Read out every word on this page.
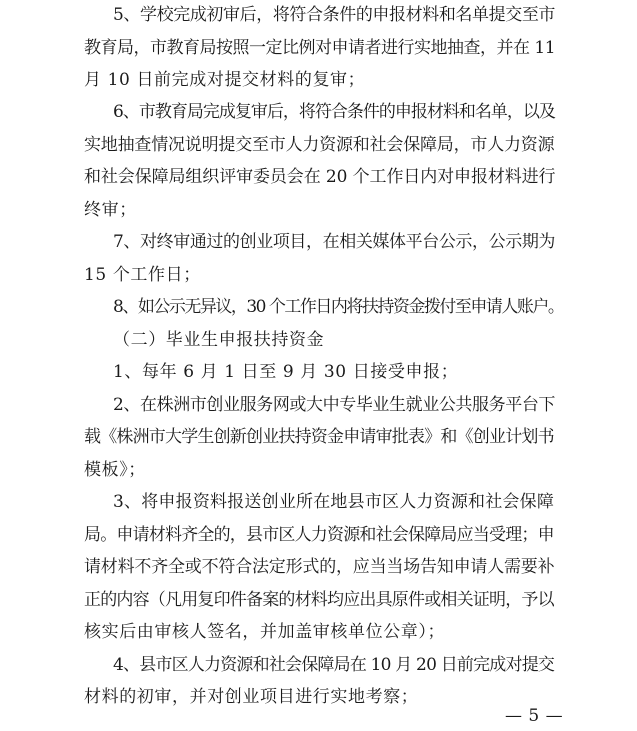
5、学校完成初审后，将符合条件的申报材料和名单提交至市
教育局，市教育局按照一定比例对申请者进行实地抽查，并在 11
月 10 日前完成对提交材料的复审；
6、市教育局完成复审后，将符合条件的申报材料和名单，以及
实地抽查情况说明提交至市人力资源和社会保障局，市人力资源
和社会保障局组织评审委员会在 20 个工作日内对申报材料进行
终审；
7、对终审通过的创业项目，在相关媒体平台公示，公示期为
15 个工作日；
8、如公示无异议，30 个工作日内将扶持资金拨付至申请人账户。
（二）毕业生申报扶持资金
1、每年 6 月 1 日至 9 月 30 日接受申报；
2、在株洲市创业服务网或大中专毕业生就业公共服务平台下
载《株洲市大学生创新创业扶持资金申请审批表》和《创业计划书
模板》；
3、将申报资料报送创业所在地县市区人力资源和社会保障
局。申请材料齐全的，县市区人力资源和社会保障局应当受理；申
请材料不齐全或不符合法定形式的，应当当场告知申请人需要补
正的内容（凡用复印件备案的材料均应出具原件或相关证明，予以
核实后由审核人签名，并加盖审核单位公章）；
4、县市区人力资源和社会保障局在 10 月 20 日前完成对提交
材料的初审，并对创业项目进行实地考察；
— 5 —
